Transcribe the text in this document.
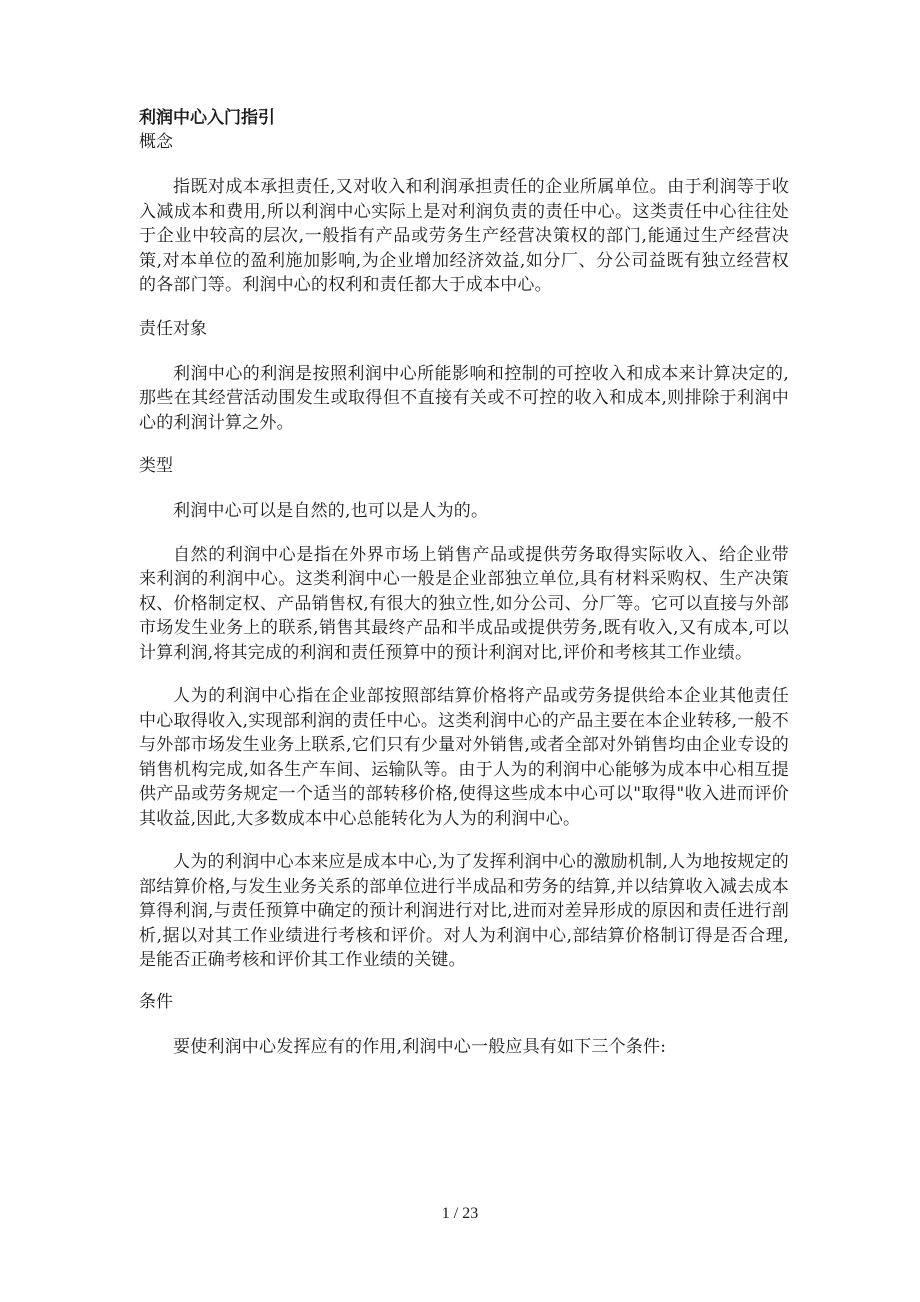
利润中心入门指引
概念

指既对成本承担责任,又对收入和利润承担责任的企业所属单位。由于利润等于收入减成本和费用,所以利润中心实际上是对利润负责的责任中心。这类责任中心往往处于企业中较高的层次,一般指有产品或劳务生产经营决策权的部门,能通过生产经营决策,对本单位的盈利施加影响,为企业增加经济效益,如分厂、分公司益既有独立经营权的各部门等。利润中心的权利和责任都大于成本中心。

责任对象

利润中心的利润是按照利润中心所能影响和控制的可控收入和成本来计算决定的,那些在其经营活动围发生或取得但不直接有关或不可控的收入和成本,则排除于利润中心的利润计算之外。

类型

利润中心可以是自然的,也可以是人为的。

自然的利润中心是指在外界市场上销售产品或提供劳务取得实际收入、给企业带来利润的利润中心。这类利润中心一般是企业部独立单位,具有材料采购权、生产决策权、价格制定权、产品销售权,有很大的独立性,如分公司、分厂等。它可以直接与外部市场发生业务上的联系,销售其最终产品和半成品或提供劳务,既有收入,又有成本,可以计算利润,将其完成的利润和责任预算中的预计利润对比,评价和考核其工作业绩。

人为的利润中心指在企业部按照部结算价格将产品或劳务提供给本企业其他责任中心取得收入,实现部利润的责任中心。这类利润中心的产品主要在本企业转移,一般不与外部市场发生业务上联系,它们只有少量对外销售,或者全部对外销售均由企业专设的销售机构完成,如各生产车间、运输队等。由于人为的利润中心能够为成本中心相互提供产品或劳务规定一个适当的部转移价格,使得这些成本中心可以"取得"收入进而评价其收益,因此,大多数成本中心总能转化为人为的利润中心。

人为的利润中心本来应是成本中心,为了发挥利润中心的激励机制,人为地按规定的部结算价格,与发生业务关系的部单位进行半成品和劳务的结算,并以结算收入减去成本算得利润,与责任预算中确定的预计利润进行对比,进而对差异形成的原因和责任进行剖析,据以对其工作业绩进行考核和评价。对人为利润中心,部结算价格制订得是否合理,是能否正确考核和评价其工作业绩的关键。

条件

要使利润中心发挥应有的作用,利润中心一般应具有如下三个条件:

1 / 23
